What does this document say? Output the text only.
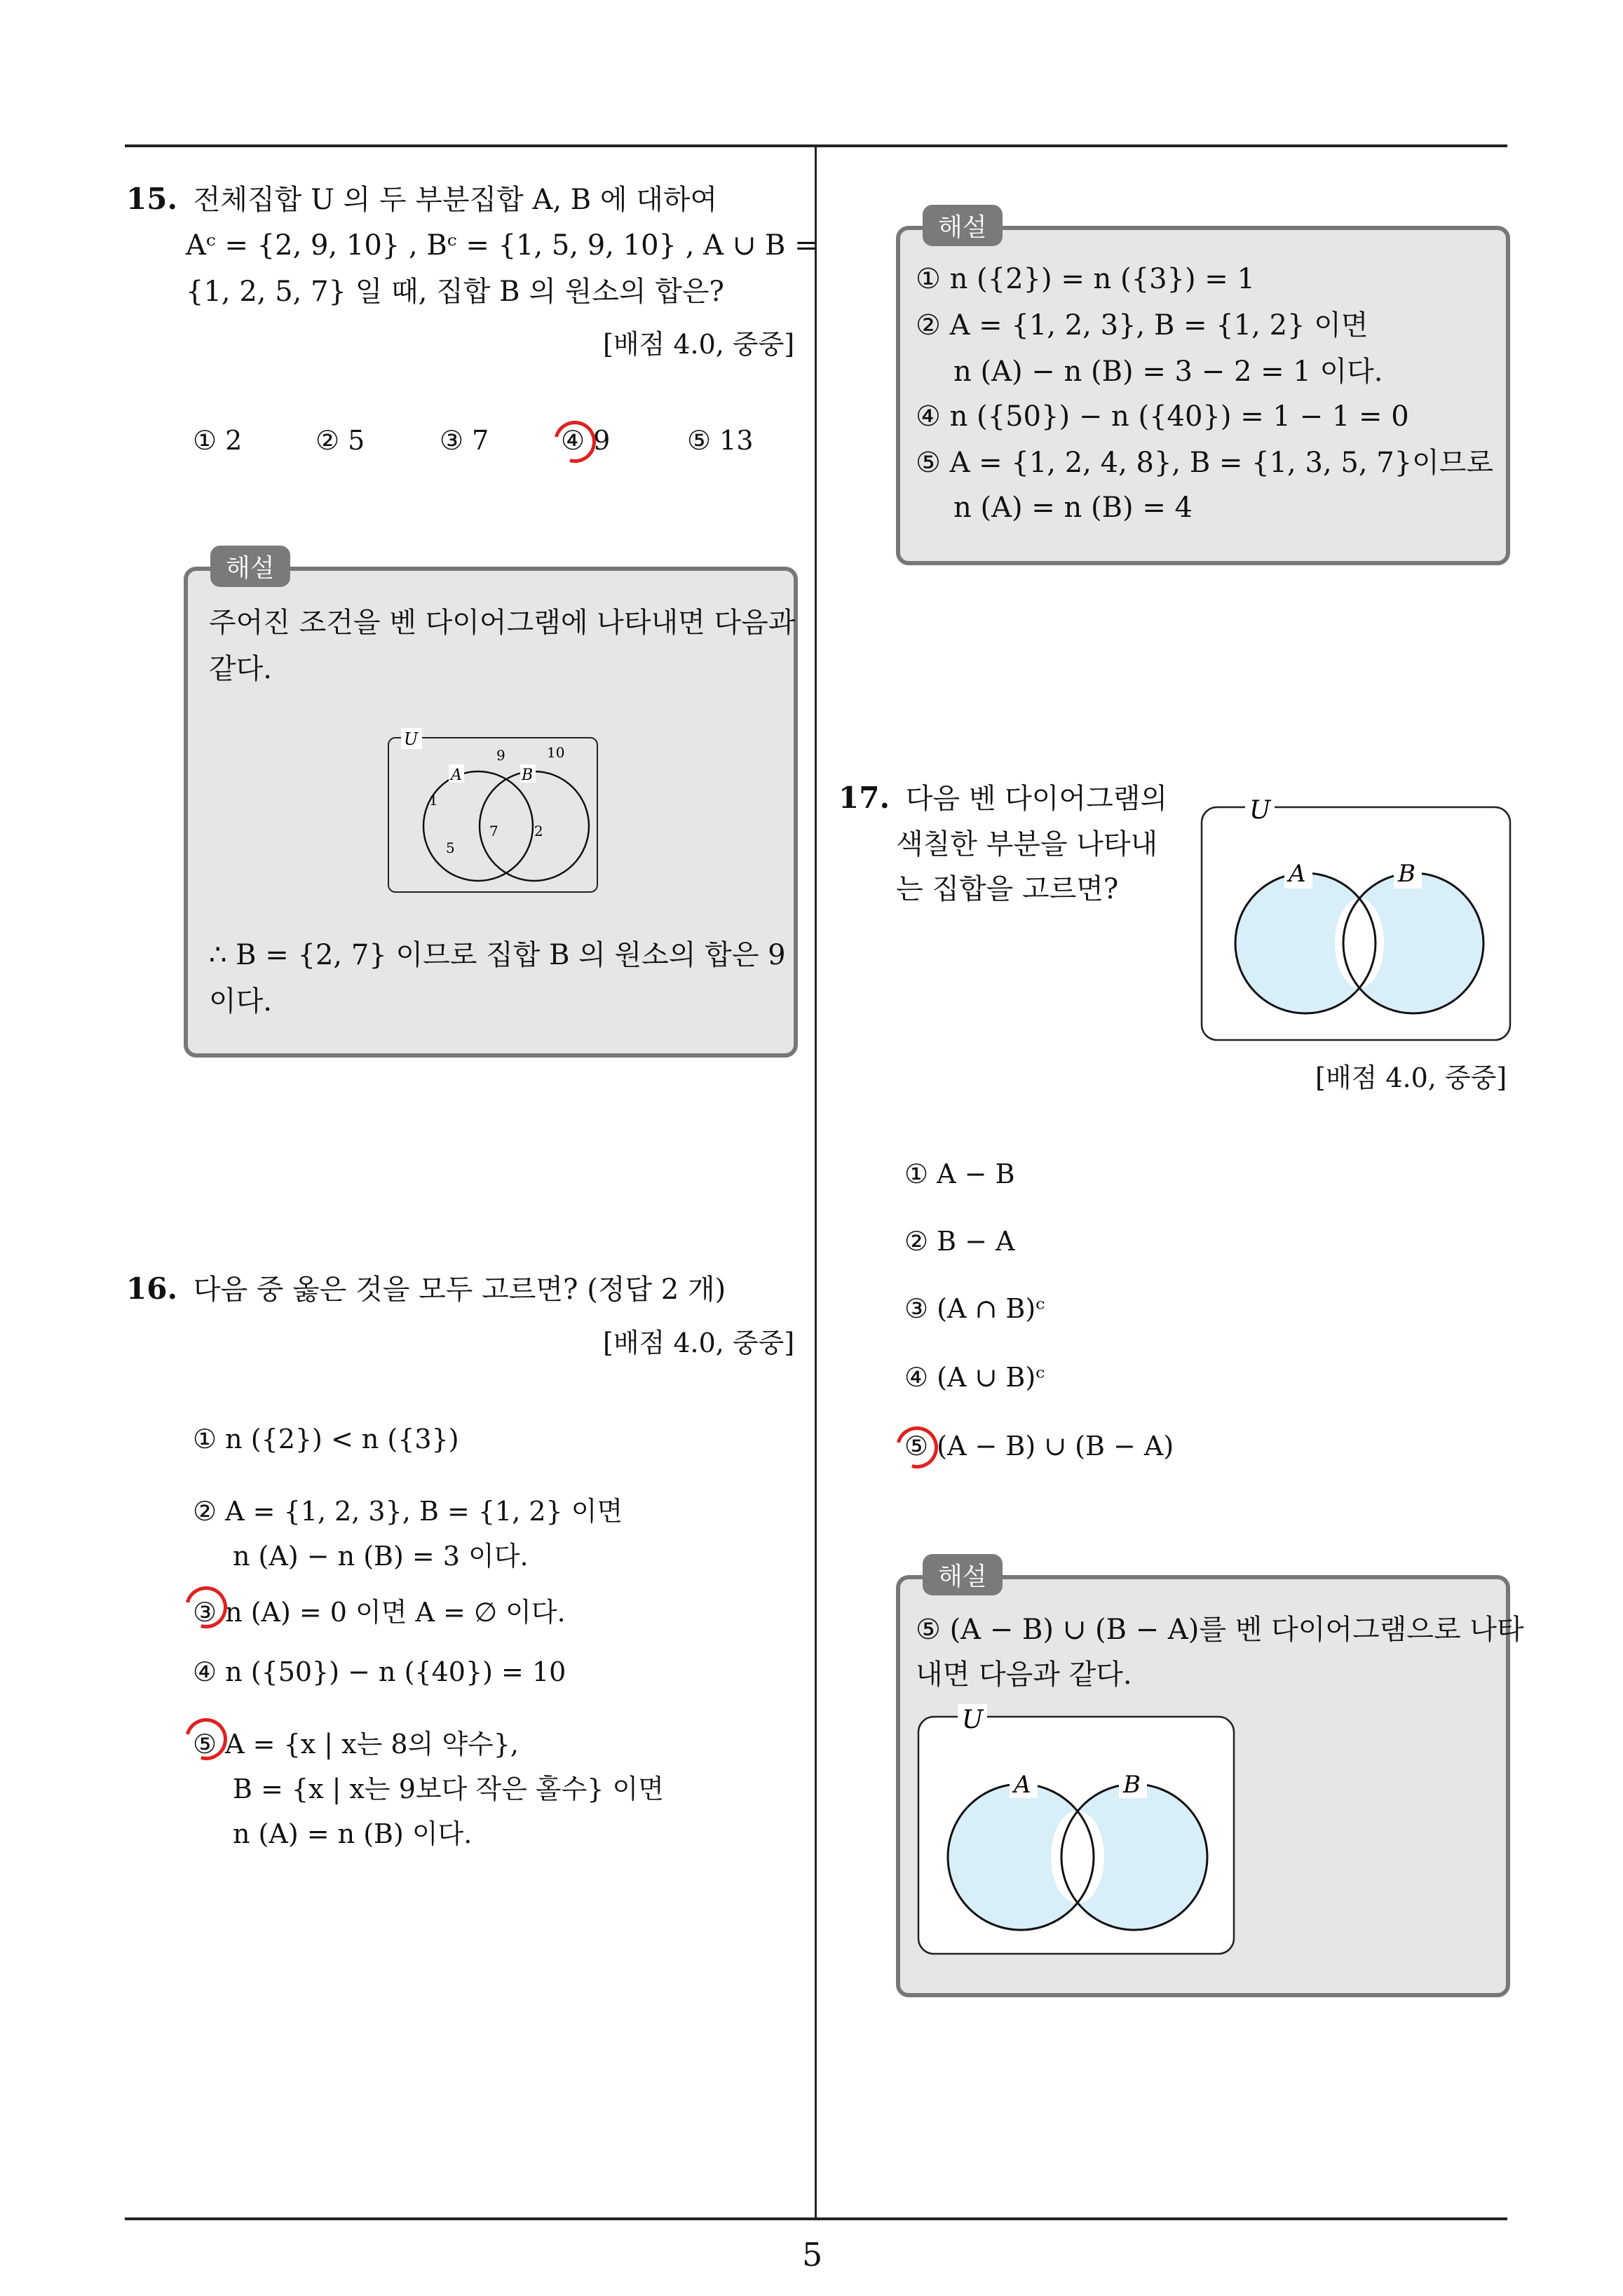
15. 전체집합 U 의 두 부분집합 A, B 에 대하여
Aᶜ = {2, 9, 10} , Bᶜ = {1, 5, 9, 10} , A ∪ B =
{1, 2, 5, 7} 일 때, 집합 B 의 원소의 합은?
[배점 4.0, 중중]
① 2	② 5	③ 7	④ 9	⑤ 13
해설
주어진 조건을 벤 다이어그램에 나타내면 다음과
같다.
U
A	B
9	10
1
5
7	2
∴ B = {2, 7} 이므로 집합 B 의 원소의 합은 9
이다.
16. 다음 중 옳은 것을 모두 고르면? (정답 2 개)
[배점 4.0, 중중]
① n ({2}) < n ({3})
② A = {1, 2, 3}, B = {1, 2} 이면
n (A) − n (B) = 3 이다.
③ n (A) = 0 이면 A = ∅ 이다.
④ n ({50}) − n ({40}) = 10
⑤ A = {x | x는 8의 약수},
B = {x | x는 9보다 작은 홀수} 이면
n (A) = n (B) 이다.
해설
① n ({2}) = n ({3}) = 1
② A = {1, 2, 3}, B = {1, 2} 이면
n (A) − n (B) = 3 − 2 = 1 이다.
④ n ({50}) − n ({40}) = 1 − 1 = 0
⑤ A = {1, 2, 4, 8}, B = {1, 3, 5, 7}이므로
n (A) = n (B) = 4
17. 다음 벤 다이어그램의
색칠한 부분을 나타내
는 집합을 고르면?
U
A	B
[배점 4.0, 중중]
① A − B
② B − A
③ (A ∩ B)ᶜ
④ (A ∪ B)ᶜ
⑤ (A − B) ∪ (B − A)
해설
⑤ (A − B) ∪ (B − A)를 벤 다이어그램으로 나타
내면 다음과 같다.
U
A	B
5
